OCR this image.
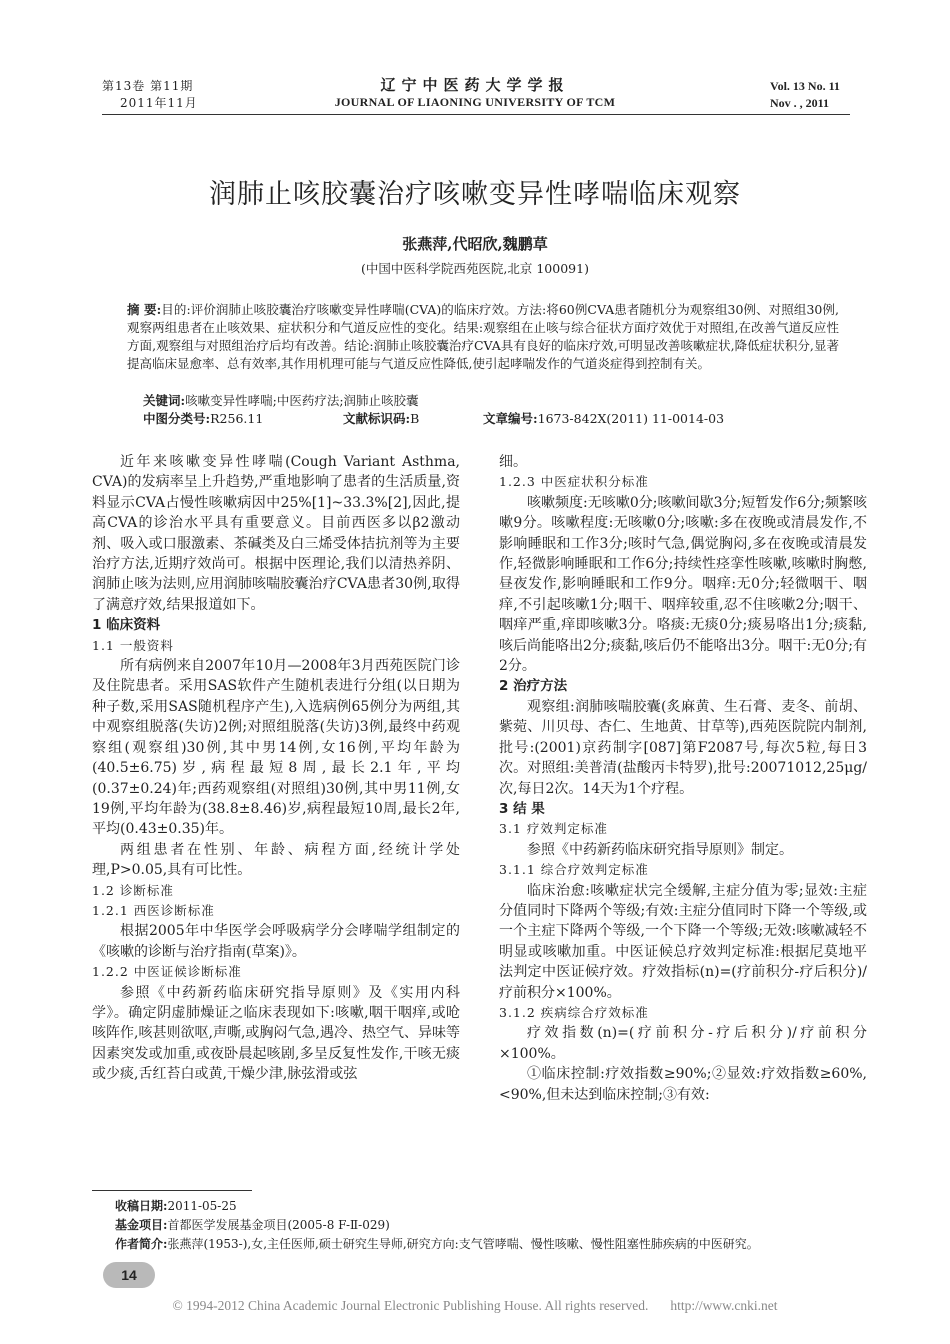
第13卷 第11期
2011年11月
辽宁中医药大学学报
JOURNAL OF LIAONING UNIVERSITY OF TCM
Vol. 13 No. 11
Nov . , 2011
润肺止咳胶囊治疗咳嗽变异性哮喘临床观察
张燕萍,代昭欣,魏鹏草
(中国中医科学院西苑医院,北京 100091)
摘 要:目的:评价润肺止咳胶囊治疗咳嗽变异性哮喘(CVA)的临床疗效。方法:将60例CVA患者随机分为观察组30例、对照组30例,观察两组患者在止咳效果、症状积分和气道反应性的变化。结果:观察组在止咳与综合征状方面疗效优于对照组,在改善气道反应性方面,观察组与对照组治疗后均有改善。结论:润肺止咳胶囊治疗CVA具有良好的临床疗效,可明显改善咳嗽症状,降低症状积分,显著提高临床显愈率、总有效率,其作用机理可能与气道反应性降低,使引起哮喘发作的气道炎症得到控制有关。
关键词:咳嗽变异性哮喘;中医药疗法;润肺止咳胶囊
中图分类号:R256.11	文献标识码:B	文章编号:1673-842X(2011) 11-0014-03

近年来咳嗽变异性哮喘(Cough Variant Asthma, CVA)的发病率呈上升趋势,严重地影响了患者的生活质量,资料显示CVA占慢性咳嗽病因中25%[1]~33.3%[2],因此,提高CVA的诊治水平具有重要意义。目前西医多以β2激动剂、吸入或口服激素、茶碱类及白三烯受体拮抗剂等为主要治疗方法,近期疗效尚可。根据中医理论,我们以清热养阴、润肺止咳为法则,应用润肺咳喘胶囊治疗CVA患者30例,取得了满意疗效,结果报道如下。

1 临床资料

1.1 一般资料

所有病例来自2007年10月—2008年3月西苑医院门诊及住院患者。采用SAS软件产生随机表进行分组(以日期为种子数,采用SAS随机程序产生),入选病例65例分为两组,其中观察组脱落(失访)2例;对照组脱落(失访)3例,最终中药观察组(观察组)30例,其中男14例,女16例,平均年龄为(40.5±6.75)岁,病程最短8周,最长2.1年,平均(0.37±0.24)年;西药观察组(对照组)30例,其中男11例,女19例,平均年龄为(38.8±8.46)岁,病程最短10周,最长2年,平均(0.43±0.35)年。

两组患者在性别、年龄、病程方面,经统计学处理,P>0.05,具有可比性。

1.2 诊断标准

1.2.1 西医诊断标准

根据2005年中华医学会呼吸病学分会哮喘学组制定的《咳嗽的诊断与治疗指南(草案)》。

1.2.2 中医证候诊断标准

参照《中药新药临床研究指导原则》及《实用内科学》。确定阴虚肺燥证之临床表现如下:咳嗽,咽干咽痒,或呛咳阵作,咳甚则欲呕,声嘶,或胸闷气急,遇冷、热空气、异味等因素突发或加重,或夜卧晨起咳剧,多呈反复性发作,干咳无痰或少痰,舌红苔白或黄,干燥少津,脉弦滑或弦

细。

1.2.3 中医症状积分标准

咳嗽频度:无咳嗽0分;咳嗽间歇3分;短暂发作6分;频繁咳嗽9分。咳嗽程度:无咳嗽0分;咳嗽:多在夜晚或清晨发作,不影响睡眠和工作3分;咳时气急,偶觉胸闷,多在夜晚或清晨发作,轻微影响睡眠和工作6分;持续性痉挛性咳嗽,咳嗽时胸憋,昼夜发作,影响睡眠和工作9分。咽痒:无0分;轻微咽干、咽痒,不引起咳嗽1分;咽干、咽痒较重,忍不住咳嗽2分;咽干、咽痒严重,痒即咳嗽3分。咯痰:无痰0分;痰易咯出1分;痰黏,咳后尚能咯出2分;痰黏,咳后仍不能咯出3分。咽干:无0分;有2分。

2 治疗方法

观察组:润肺咳喘胶囊(炙麻黄、生石膏、麦冬、前胡、紫菀、川贝母、杏仁、生地黄、甘草等),西苑医院院内制剂,批号:(2001)京药制字[087]第F2087号,每次5粒,每日3次。对照组:美普清(盐酸丙卡特罗),批号:20071012,25μg/次,每日2次。14天为1个疗程。

3 结 果

3.1 疗效判定标准

参照《中药新药临床研究指导原则》制定。

3.1.1 综合疗效判定标准

临床治愈:咳嗽症状完全缓解,主症分值为零;显效:主症分值同时下降两个等级;有效:主症分值同时下降一个等级,或一个主症下降两个等级,一个下降一个等级;无效:咳嗽减轻不明显或咳嗽加重。中医证候总疗效判定标准:根据尼莫地平法判定中医证候疗效。疗效指标(n)=(疗前积分-疗后积分)/疗前积分×100%。

3.1.2 疾病综合疗效标准

疗效指数(n)=(疗前积分-疗后积分)/疗前积分×100%。

①临床控制:疗效指数≥90%;②显效:疗效指数≥60%,<90%,但未达到临床控制;③有效:

收稿日期:2011-05-25
基金项目:首都医学发展基金项目(2005-8 F-Ⅱ-029)
作者简介:张燕萍(1953-),女,主任医师,硕士研究生导师,研究方向:支气管哮喘、慢性咳嗽、慢性阻塞性肺疾病的中医研究。
14
© 1994-2012 China Academic Journal Electronic Publishing House. All rights reserved. http://www.cnki.net
